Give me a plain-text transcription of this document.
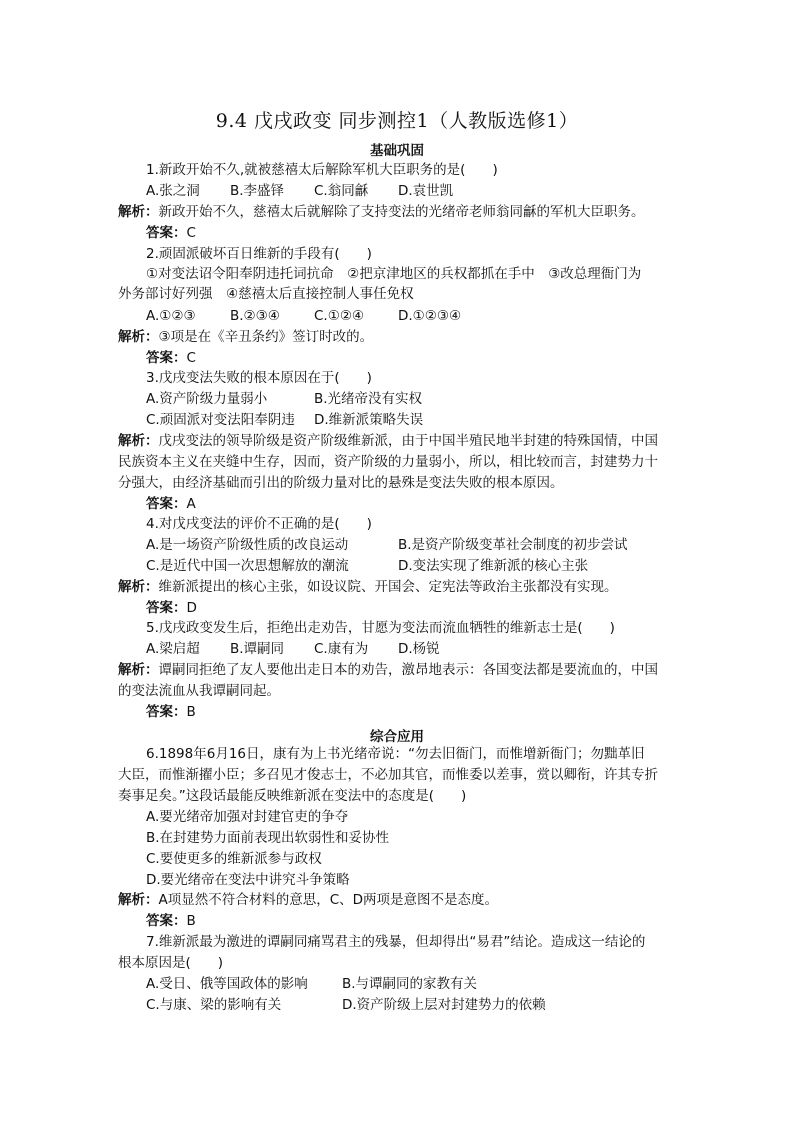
9.4 戊戌政变 同步测控1（人教版选修1）
基础巩固
1.新政开始不久,就被慈禧太后解除军机大臣职务的是(　　)
A.张之洞 B.李盛铎 C.翁同龢 D.袁世凯
解析：新政开始不久，慈禧太后就解除了支持变法的光绪帝老师翁同龢的军机大臣职务。
答案：C
2.顽固派破坏百日维新的手段有(　　)
①对变法诏令阳奉阴违托词抗命　②把京津地区的兵权都抓在手中　③改总理衙门为
外务部讨好列强　④慈禧太后直接控制人事任免权
A.①②③	B.②③④	C.①②④	D.①②③④
解析：③项是在《辛丑条约》签订时改的。
答案：C
3.戊戌变法失败的根本原因在于(　　)
A.资产阶级力量弱小	B.光绪帝没有实权
C.顽固派对变法阳奉阴违 D.维新派策略失误
解析：戊戌变法的领导阶级是资产阶级维新派，由于中国半殖民地半封建的特殊国情，中国
民族资本主义在夹缝中生存，因而，资产阶级的力量弱小，所以，相比较而言，封建势力十
分强大，由经济基础而引出的阶级力量对比的悬殊是变法失败的根本原因。
答案：A
4.对戊戌变法的评价不正确的是(　　)
A.是一场资产阶级性质的改良运动	B.是资产阶级变革社会制度的初步尝试
C.是近代中国一次思想解放的潮流	D.变法实现了维新派的核心主张
解析：维新派提出的核心主张，如设议院、开国会、定宪法等政治主张都没有实现。
答案：D
5.戊戌政变发生后，拒绝出走劝告，甘愿为变法而流血牺牲的维新志士是(　　)
A.梁启超 B.谭嗣同 C.康有为 D.杨锐
解析：谭嗣同拒绝了友人要他出走日本的劝告，激昂地表示：各国变法都是要流血的，中国
的变法流血从我谭嗣同起。
答案：B
综合应用
6.1898年6月16日，康有为上书光绪帝说：“勿去旧衙门，而惟增新衙门；勿黜革旧
大臣，而惟渐擢小臣；多召见才俊志士，不必加其官，而惟委以差事，赏以卿衔，许其专折
奏事足矣。”这段话最能反映维新派在变法中的态度是(　　)
A.要光绪帝加强对封建官吏的争夺
B.在封建势力面前表现出软弱性和妥协性
C.要使更多的维新派参与政权
D.要光绪帝在变法中讲究斗争策略
解析：A项显然不符合材料的意思，C、D两项是意图不是态度。
答案：B
7.维新派最为激进的谭嗣同痛骂君主的残暴，但却得出“易君”结论。造成这一结论的
根本原因是(　　)
A.受日、俄等国政体的影响	B.与谭嗣同的家教有关
C.与康、梁的影响有关	D.资产阶级上层对封建势力的依赖
